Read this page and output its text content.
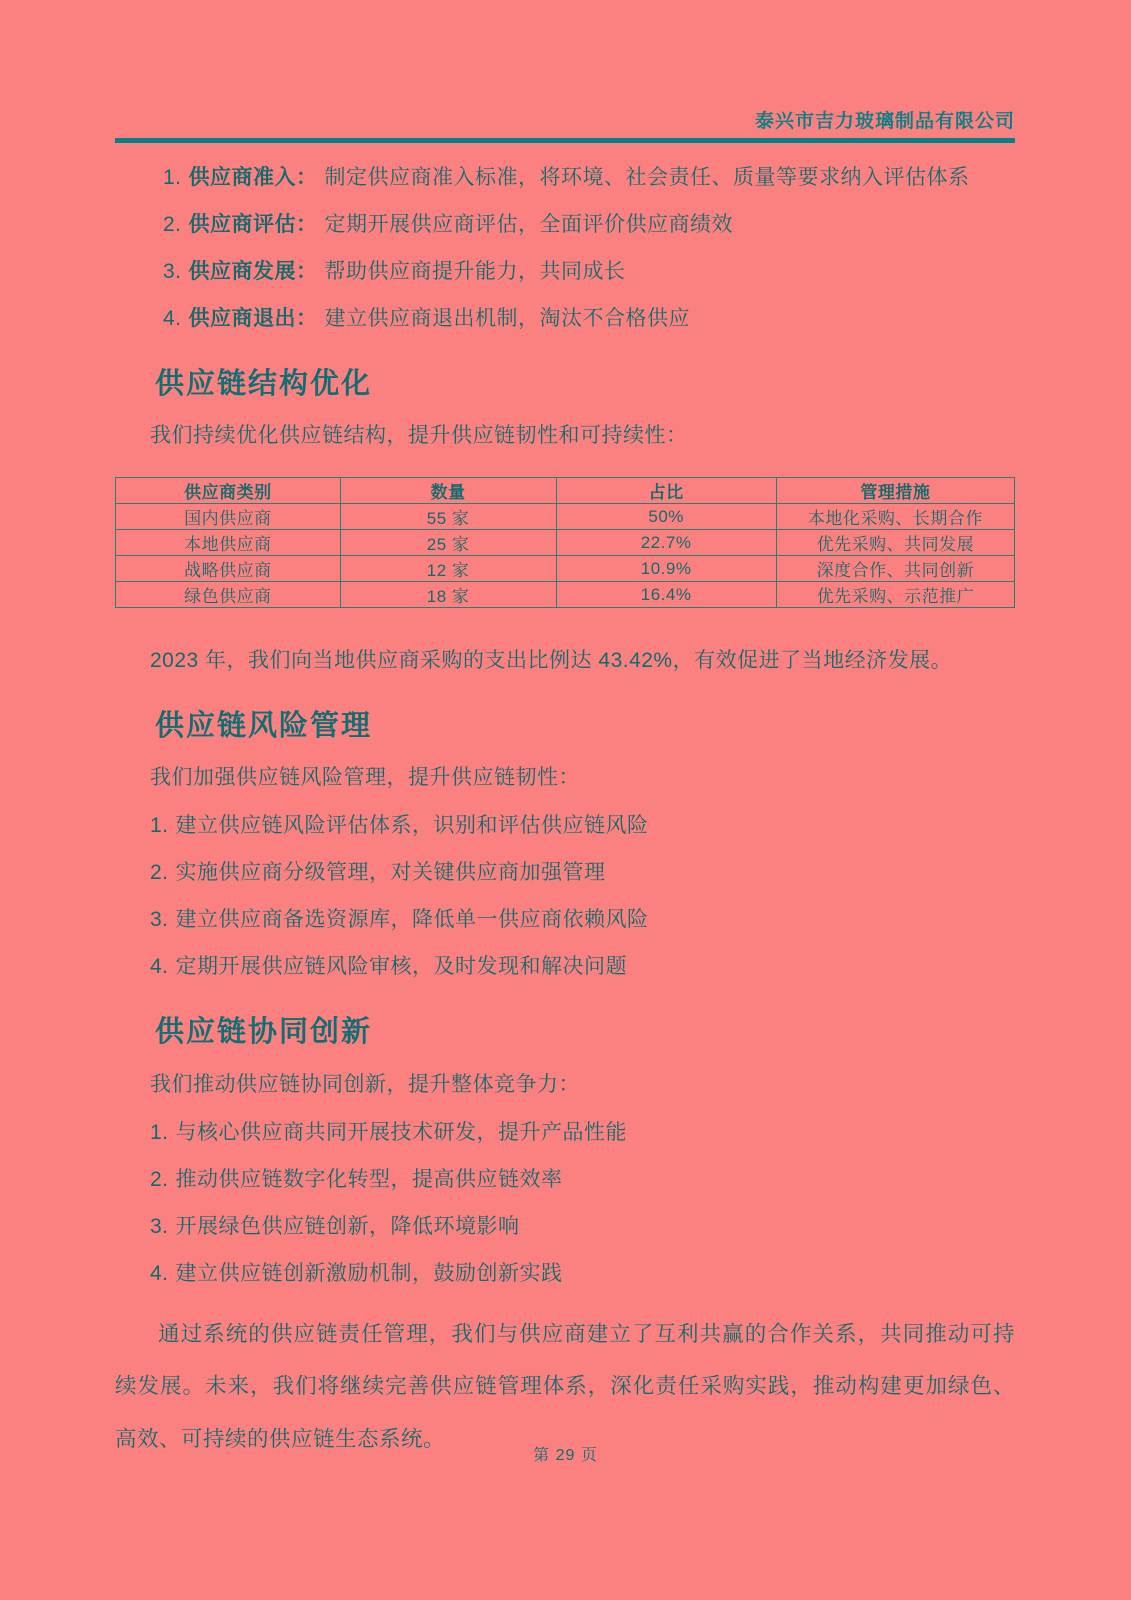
泰兴市吉力玻璃制品有限公司
1. 供应商准入： 制定供应商准入标准，将环境、社会责任、质量等要求纳入评估体系
2. 供应商评估： 定期开展供应商评估，全面评价供应商绩效
3. 供应商发展： 帮助供应商提升能力，共同成长
4. 供应商退出： 建立供应商退出机制，淘汰不合格供应
供应链结构优化

我们持续优化供应链结构，提升供应链韧性和可持续性：

供应商类别	数量	占比	管理措施
国内供应商	55 家	50%	本地化采购、长期合作
本地供应商	25 家	22.7%	优先采购、共同发展
战略供应商	12 家	10.9%	深度合作、共同创新
绿色供应商	18 家	16.4%	优先采购、示范推广

2023 年，我们向当地供应商采购的支出比例达 43.42%，有效促进了当地经济发展。

供应链风险管理

我们加强供应链风险管理，提升供应链韧性：

1. 建立供应链风险评估体系，识别和评估供应链风险
2. 实施供应商分级管理，对关键供应商加强管理
3. 建立供应商备选资源库，降低单一供应商依赖风险
4. 定期开展供应链风险审核，及时发现和解决问题
供应链协同创新

我们推动供应链协同创新，提升整体竞争力：

1. 与核心供应商共同开展技术研发，提升产品性能
2. 推动供应链数字化转型，提高供应链效率
3. 开展绿色供应链创新，降低环境影响
4. 建立供应链创新激励机制，鼓励创新实践

通过系统的供应链责任管理，我们与供应商建立了互利共赢的合作关系，共同推动可持续发展。未来，我们将继续完善供应链管理体系，深化责任采购实践，推动构建更加绿色、高效、可持续的供应链生态系统。

第 29 页
